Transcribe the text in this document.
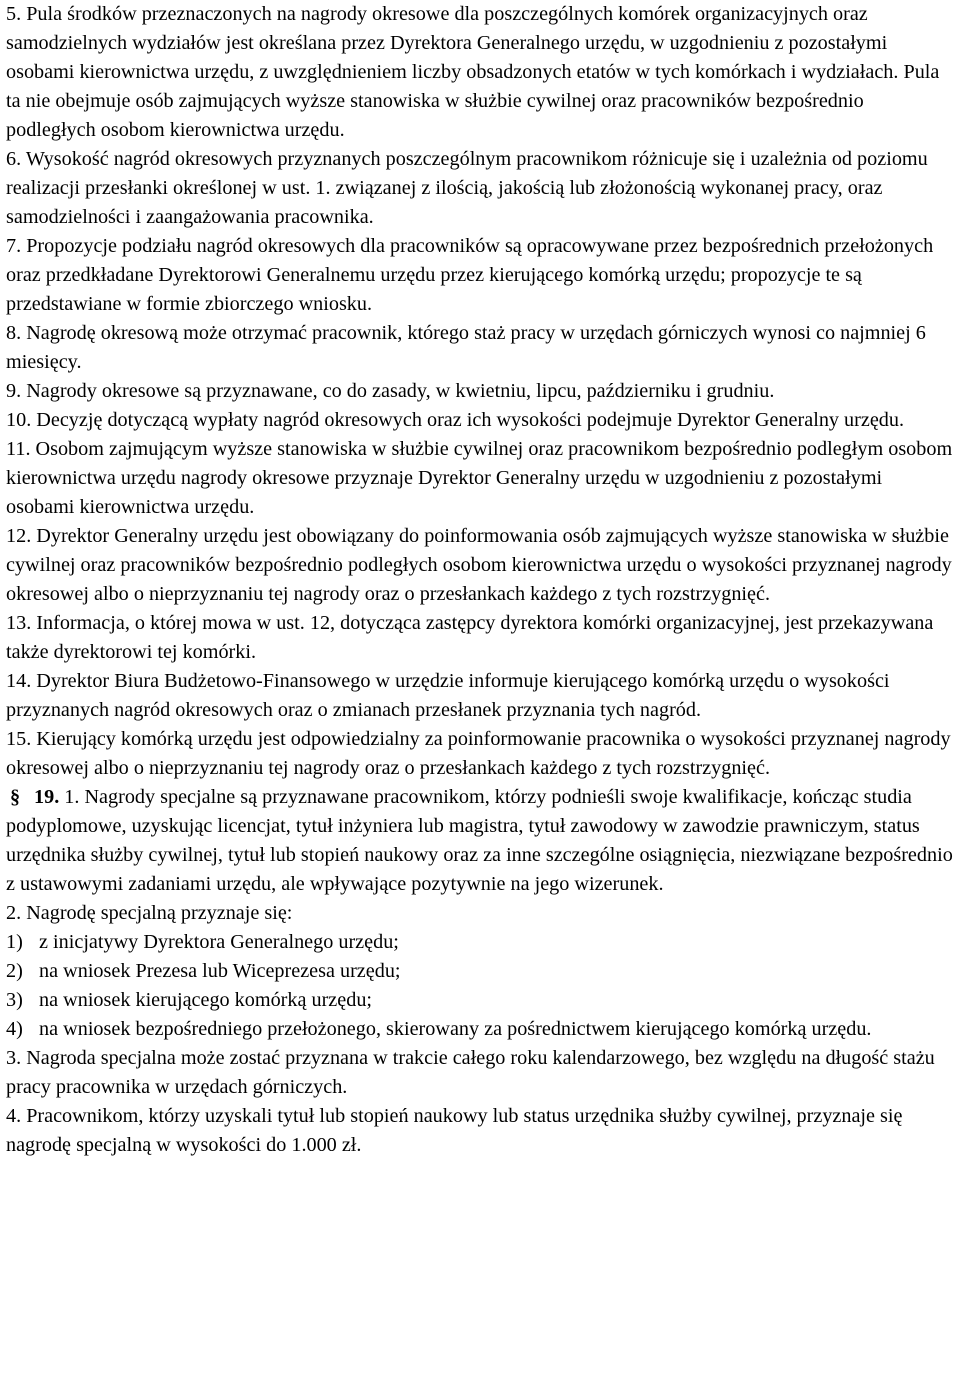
5. Pula środków przeznaczonych na nagrody okresowe dla poszczególnych komórek organizacyjnych oraz samodzielnych wydziałów jest określana przez Dyrektora Generalnego urzędu, w uzgodnieniu z pozostałymi osobami kierownictwa urzędu, z uwzględnieniem liczby obsadzonych etatów w tych komórkach i wydziałach. Pula ta nie obejmuje osób zajmujących wyższe stanowiska w służbie cywilnej oraz pracowników bezpośrednio podległych osobom kierownictwa urzędu.

6. Wysokość nagród okresowych przyznanych poszczególnym pracownikom różnicuje się i uzależnia od poziomu realizacji przesłanki określonej w ust. 1. związanej z ilością, jakością lub złożonością wykonanej pracy, oraz samodzielności i zaangażowania pracownika.

7. Propozycje podziału nagród okresowych dla pracowników są opracowywane przez bezpośrednich przełożonych oraz przedkładane Dyrektorowi Generalnemu urzędu przez kierującego komórką urzędu; propozycje te są przedstawiane w formie zbiorczego wniosku.

8. Nagrodę okresową może otrzymać pracownik, którego staż pracy w urzędach górniczych wynosi co najmniej 6 miesięcy.

9. Nagrody okresowe są przyznawane, co do zasady, w kwietniu, lipcu, październiku i grudniu.

10. Decyzję dotyczącą wypłaty nagród okresowych oraz ich wysokości podejmuje Dyrektor Generalny urzędu.

11. Osobom zajmującym wyższe stanowiska w służbie cywilnej oraz pracownikom bezpośrednio podległym osobom kierownictwa urzędu nagrody okresowe przyznaje Dyrektor Generalny urzędu w uzgodnieniu z pozostałymi osobami kierownictwa urzędu.

12. Dyrektor Generalny urzędu jest obowiązany do poinformowania osób zajmujących wyższe stanowiska w służbie cywilnej oraz pracowników bezpośrednio podległych osobom kierownictwa urzędu o wysokości przyznanej nagrody okresowej albo o nieprzyznaniu tej nagrody oraz o przesłankach każdego z tych rozstrzygnięć.

13. Informacja, o której mowa w ust. 12, dotycząca zastępcy dyrektora komórki organizacyjnej, jest przekazywana także dyrektorowi tej komórki.

14. Dyrektor Biura Budżetowo-Finansowego w urzędzie informuje kierującego komórką urzędu o wysokości przyznanych nagród okresowych oraz o zmianach przesłanek przyznania tych nagród.

15. Kierujący komórką urzędu jest odpowiedzialny za poinformowanie pracownika o wysokości przyznanej nagrody okresowej albo o nieprzyznaniu tej nagrody oraz o przesłankach każdego z tych rozstrzygnięć.

§ 19. 1. Nagrody specjalne są przyznawane pracownikom, którzy podnieśli swoje kwalifikacje, kończąc studia podyplomowe, uzyskując licencjat, tytuł inżyniera lub magistra, tytuł zawodowy w zawodzie prawniczym, status urzędnika służby cywilnej, tytuł lub stopień naukowy oraz za inne szczególne osiągnięcia, niezwiązane bezpośrednio z ustawowymi zadaniami urzędu, ale wpływające pozytywnie na jego wizerunek.

2. Nagrodę specjalną przyznaje się:

1) z inicjatywy Dyrektora Generalnego urzędu;

2) na wniosek Prezesa lub Wiceprezesa urzędu;

3) na wniosek kierującego komórką urzędu;

4) na wniosek bezpośredniego przełożonego, skierowany za pośrednictwem kierującego komórką urzędu.

3. Nagroda specjalna może zostać przyznana w trakcie całego roku kalendarzowego, bez względu na długość stażu pracy pracownika w urzędach górniczych.

4. Pracownikom, którzy uzyskali tytuł lub stopień naukowy lub status urzędnika służby cywilnej, przyznaje się nagrodę specjalną w wysokości do 1.000 zł.
